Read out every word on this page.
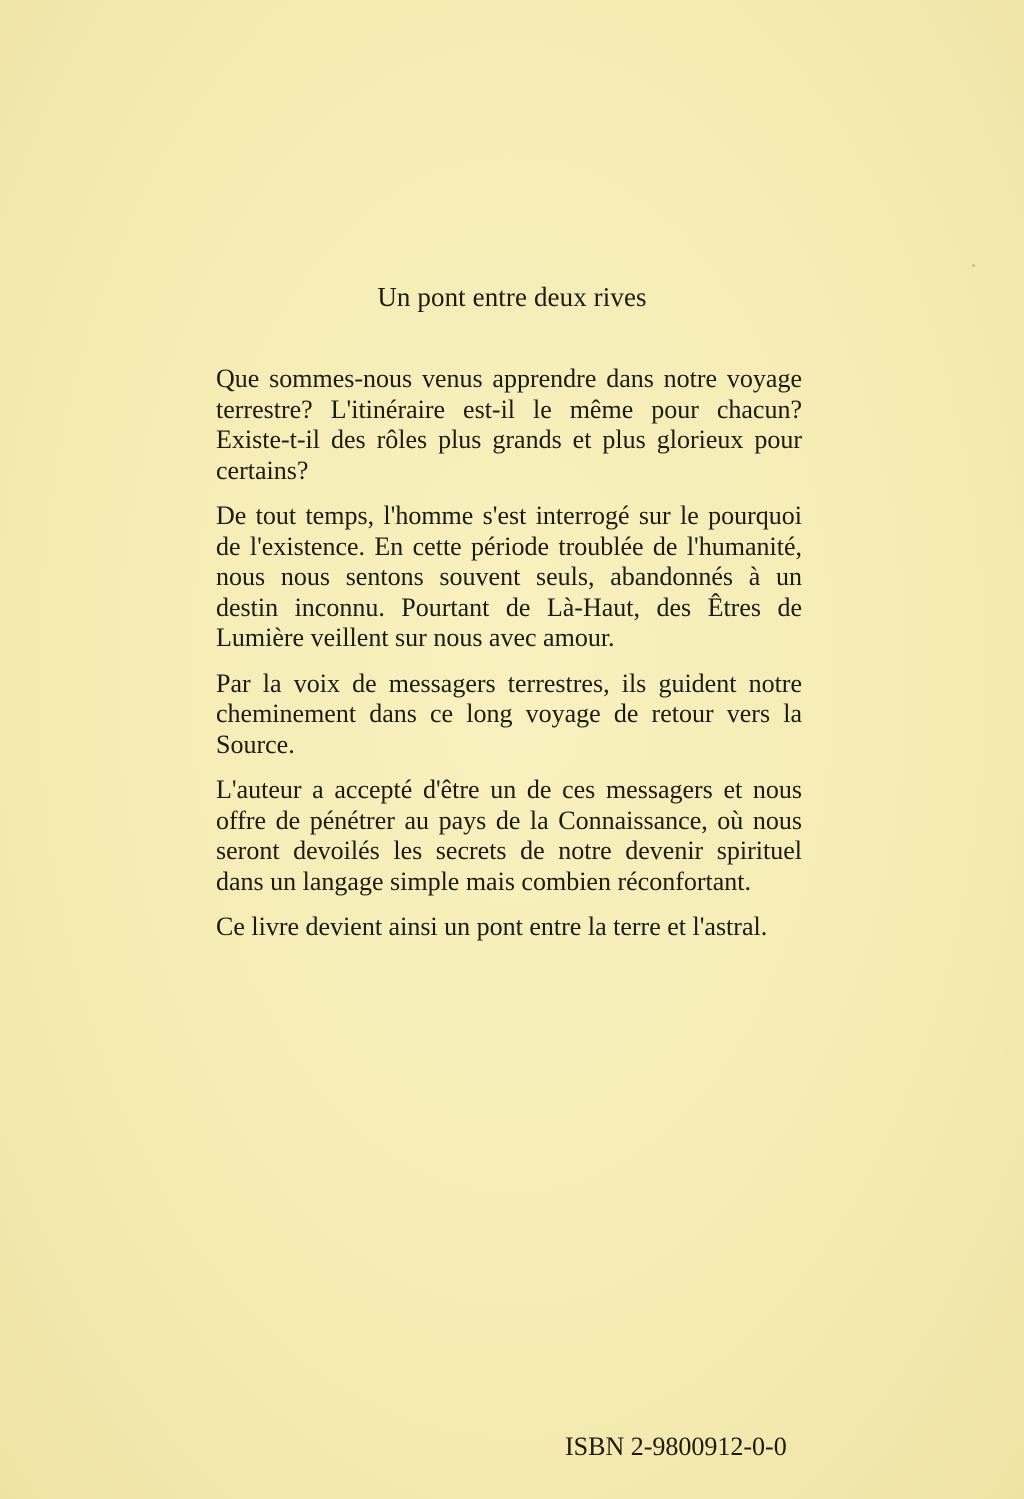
Un pont entre deux rives

Que sommes-nous venus apprendre dans notre voyage terrestre? L'itinéraire est-il le même pour chacun? Existe-t-il des rôles plus grands et plus glorieux pour certains?

De tout temps, l'homme s'est interrogé sur le pourquoi de l'existence. En cette période troublée de l'humanité, nous nous sentons souvent seuls, abandonnés à un destin inconnu. Pourtant de Là-Haut, des Êtres de Lumière veillent sur nous avec amour.

Par la voix de messagers terrestres, ils guident notre cheminement dans ce long voyage de retour vers la Source.

L'auteur a accepté d'être un de ces messagers et nous offre de pénétrer au pays de la Connaissance, où nous seront devoilés les secrets de notre devenir spirituel dans un langage simple mais combien réconfortant.

Ce livre devient ainsi un pont entre la terre et l'astral.

ISBN 2-9800912-0-0
